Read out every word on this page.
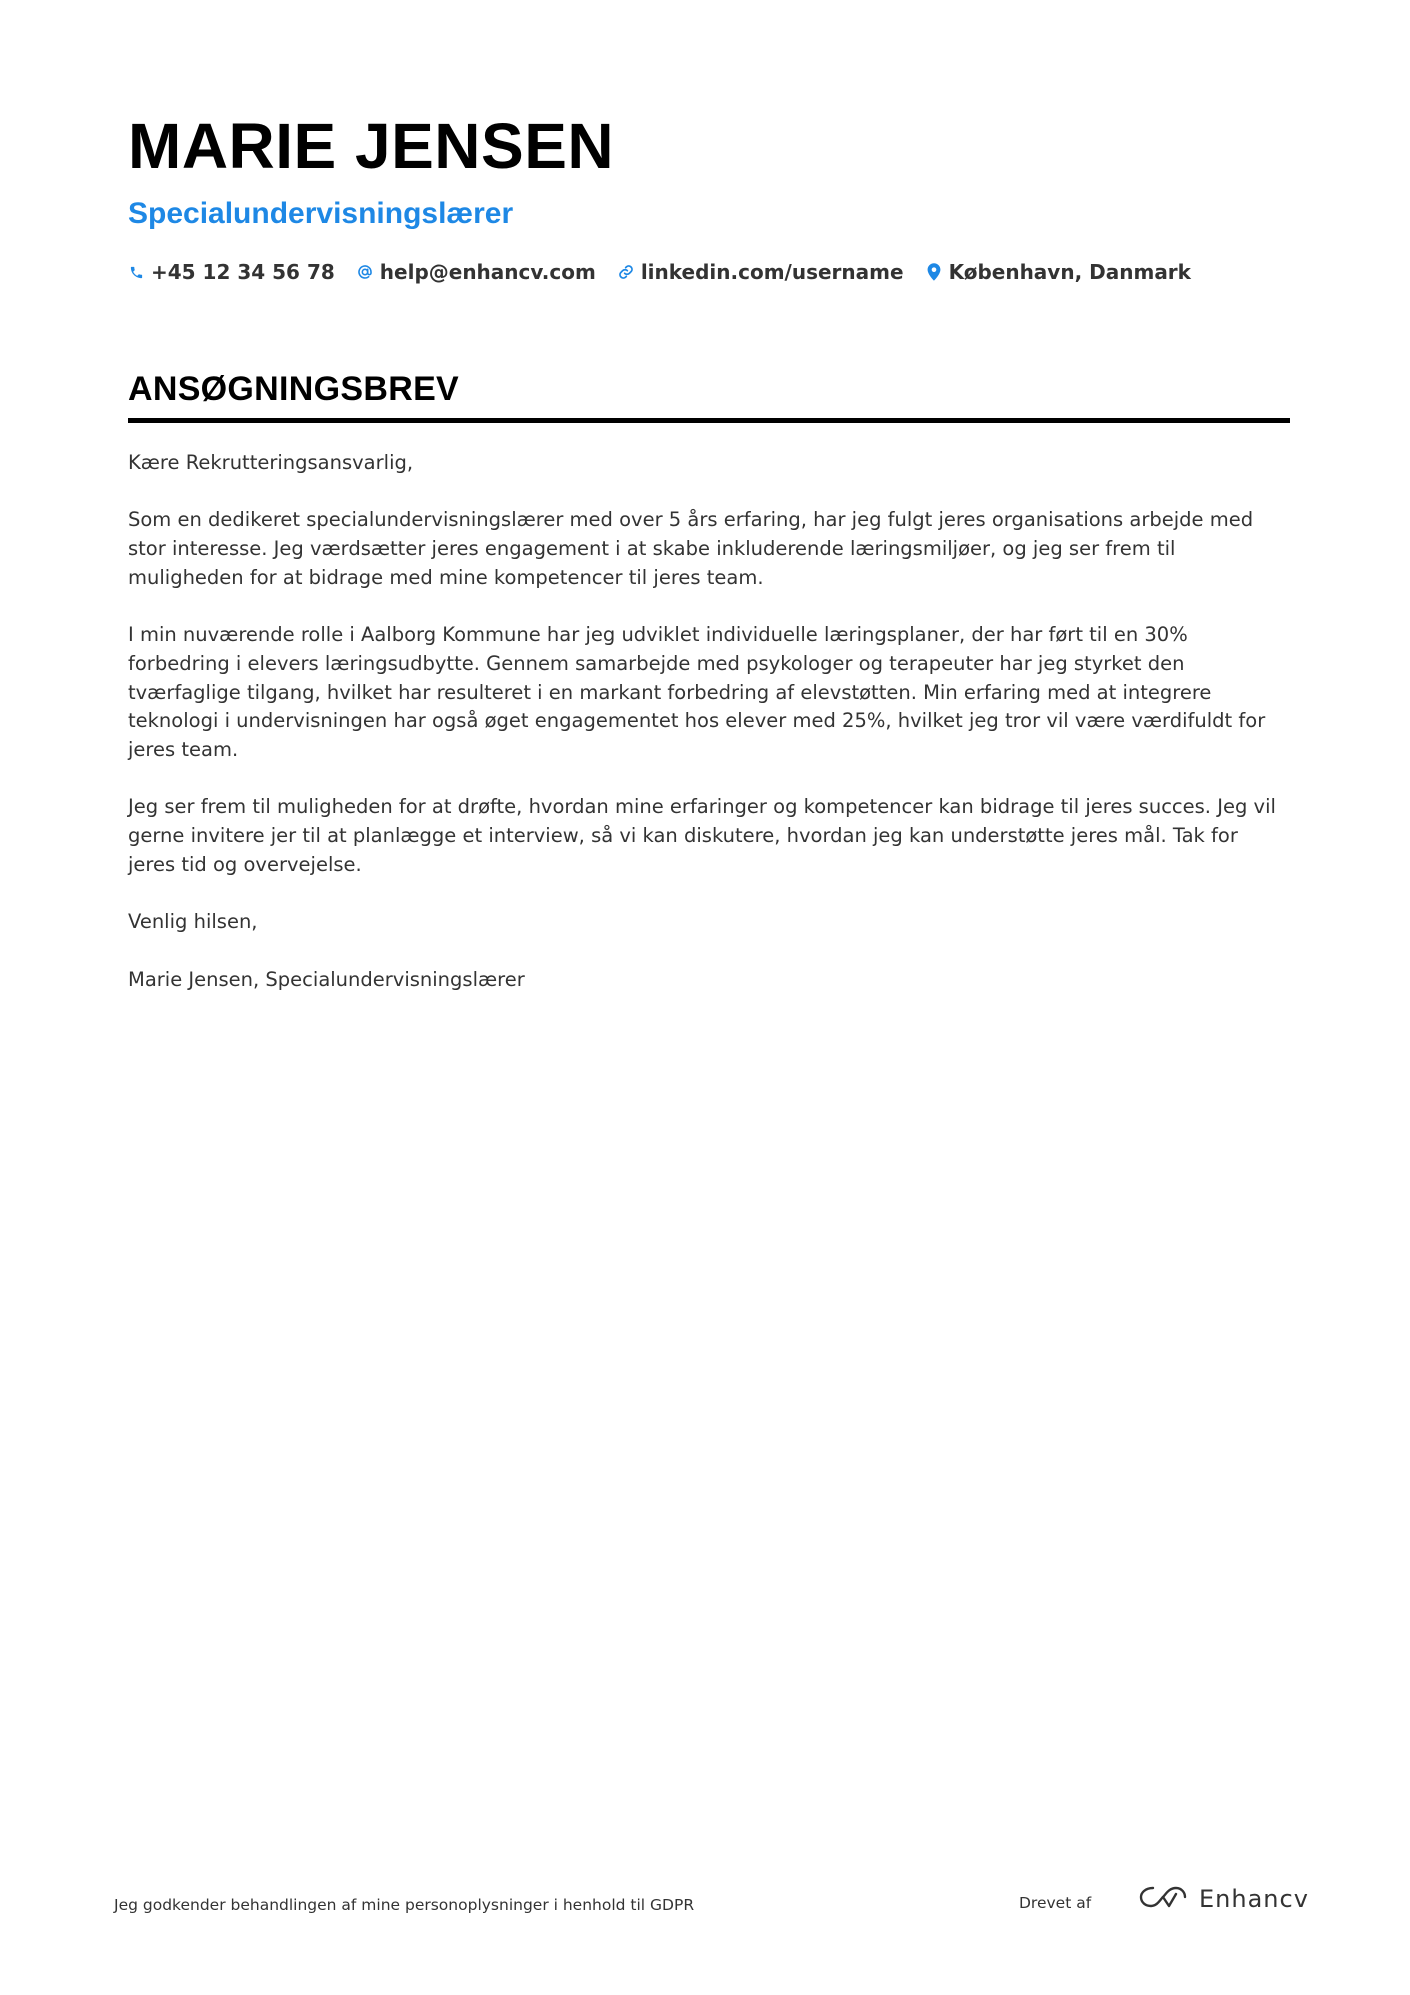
MARIE JENSEN
Specialundervisningslærer
+45 12 34 56 78 help@enhancv.com linkedin.com/username København, Danmark
ANSØGNINGSBREV

Kære Rekrutteringsansvarlig,

Som en dedikeret specialundervisningslærer med over 5 års erfaring, har jeg fulgt jeres organisations arbejde med stor interesse. Jeg værdsætter jeres engagement i at skabe inkluderende læringsmiljøer, og jeg ser frem til muligheden for at bidrage med mine kompetencer til jeres team.

I min nuværende rolle i Aalborg Kommune har jeg udviklet individuelle læringsplaner, der har ført til en 30% forbedring i elevers læringsudbytte. Gennem samarbejde med psykologer og terapeuter har jeg styrket den tværfaglige tilgang, hvilket har resulteret i en markant forbedring af elevstøtten. Min erfaring med at integrere teknologi i undervisningen har også øget engagementet hos elever med 25%, hvilket jeg tror vil være værdifuldt for jeres team.

Jeg ser frem til muligheden for at drøfte, hvordan mine erfaringer og kompetencer kan bidrage til jeres succes. Jeg vil gerne invitere jer til at planlægge et interview, så vi kan diskutere, hvordan jeg kan understøtte jeres mål. Tak for jeres tid og overvejelse.

Venlig hilsen,

Marie Jensen, Specialundervisningslærer

Jeg godkender behandlingen af mine personoplysninger i henhold til GDPR	Drevet af	Enhancv
